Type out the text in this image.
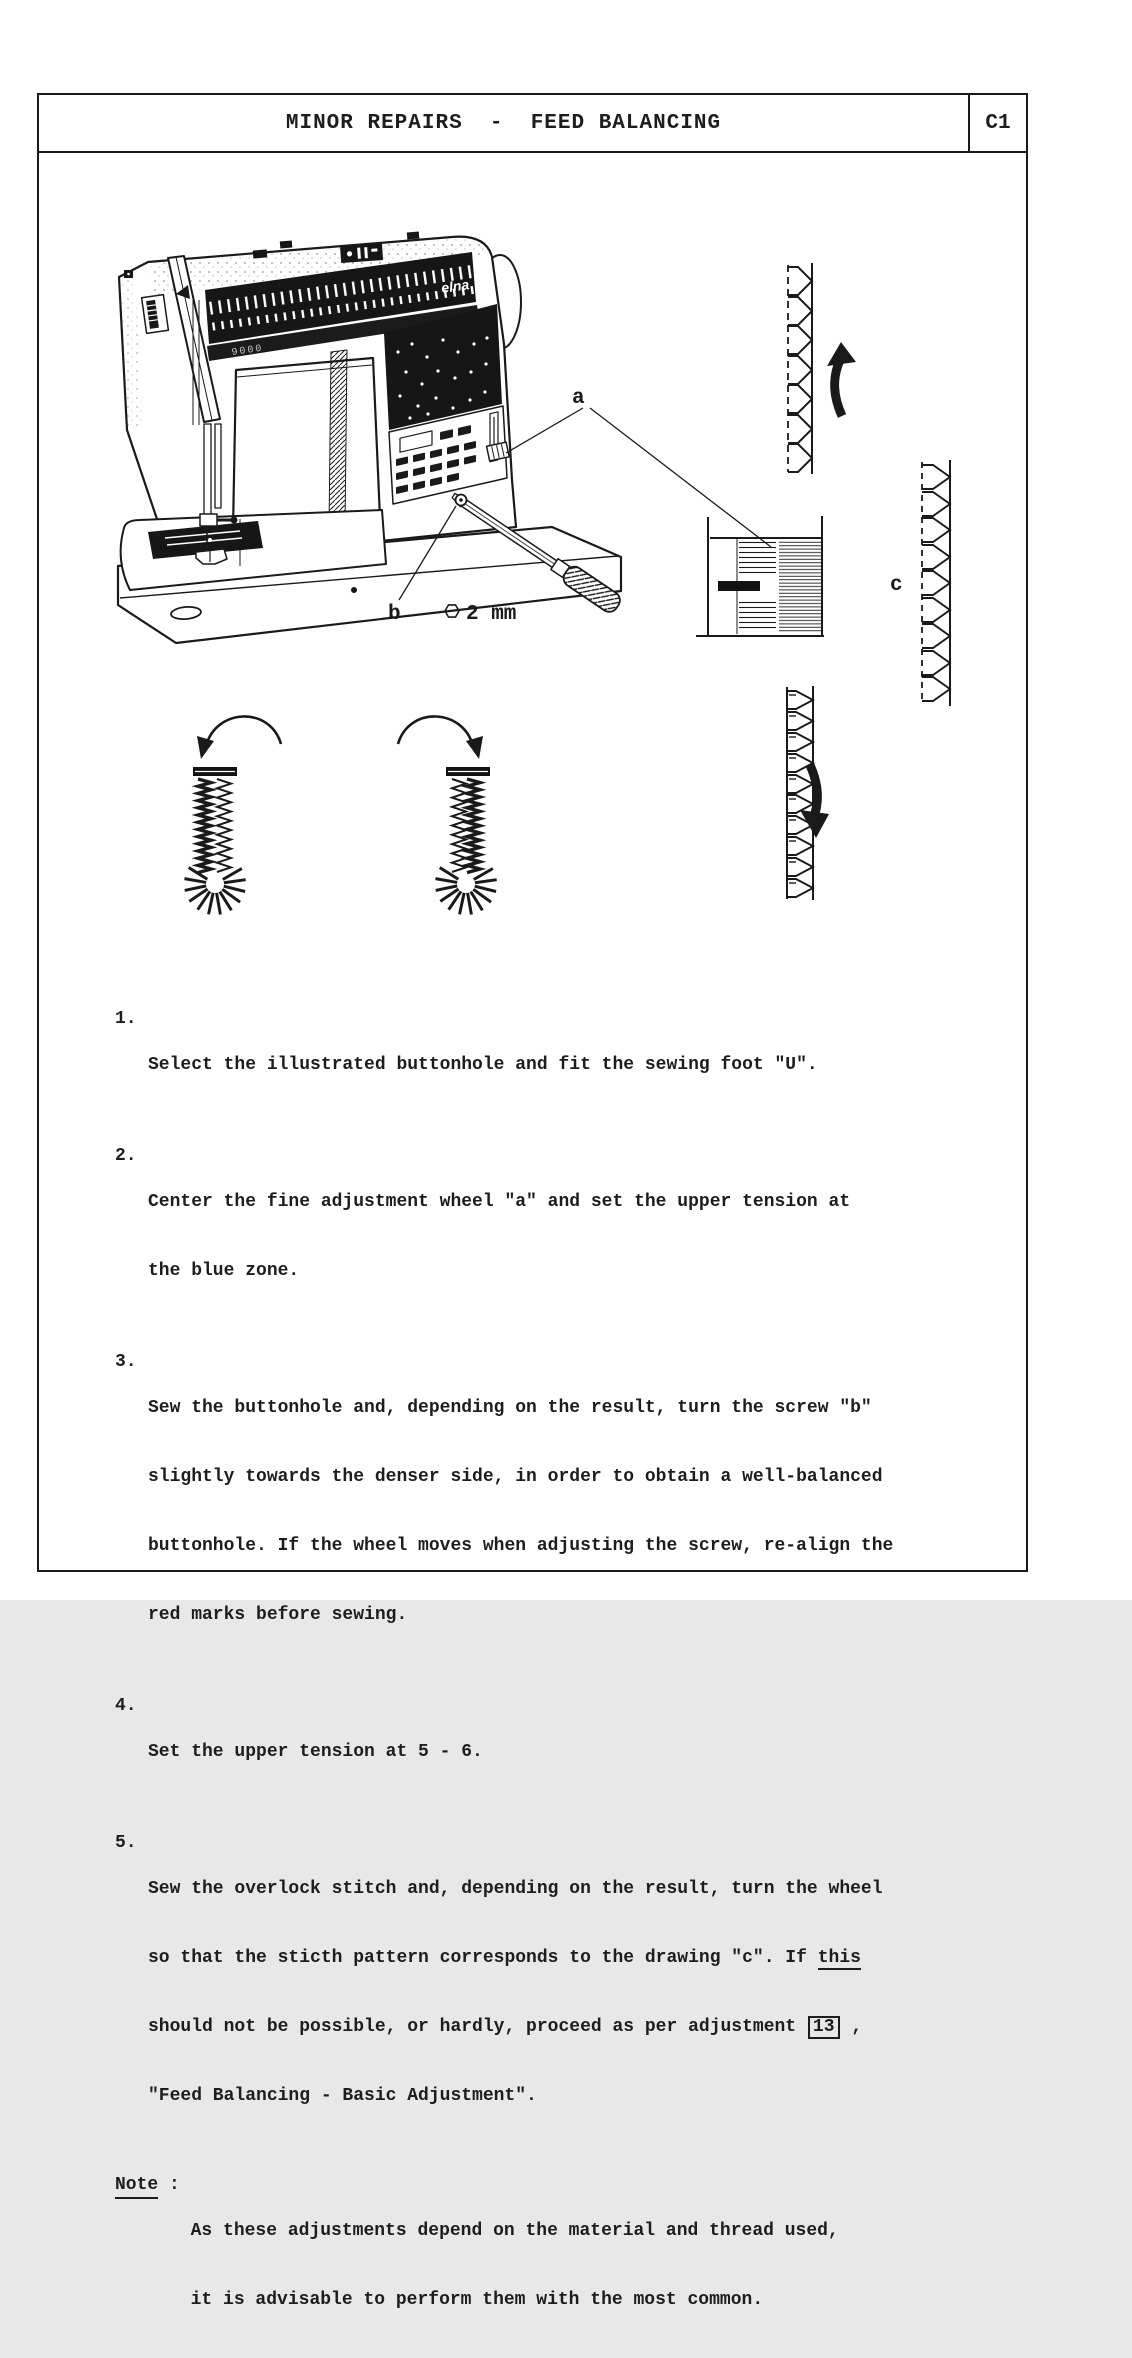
MINOR REPAIRS  -  FEED BALANCING	C1
elna
9000
a
b	2 mm
c
1.

Select the illustrated buttonhole and fit the sewing foot "U".

2.

Center the fine adjustment wheel "a" and set the upper tension at

the blue zone.

3.

Sew the buttonhole and, depending on the result, turn the screw "b"

slightly towards the denser side, in order to obtain a well-balanced

buttonhole. If the wheel moves when adjusting the screw, re-align the

red marks before sewing.

4.

Set the upper tension at 5 - 6.

5.

Sew the overlock stitch and, depending on the result, turn the wheel

so that the sticth pattern corresponds to the drawing "c". If this

should not be possible, or hardly, proceed as per adjustment 13 ,

"Feed Balancing - Basic Adjustment".

Note :

As these adjustments depend on the material and thread used,

it is advisable to perform them with the most common.
